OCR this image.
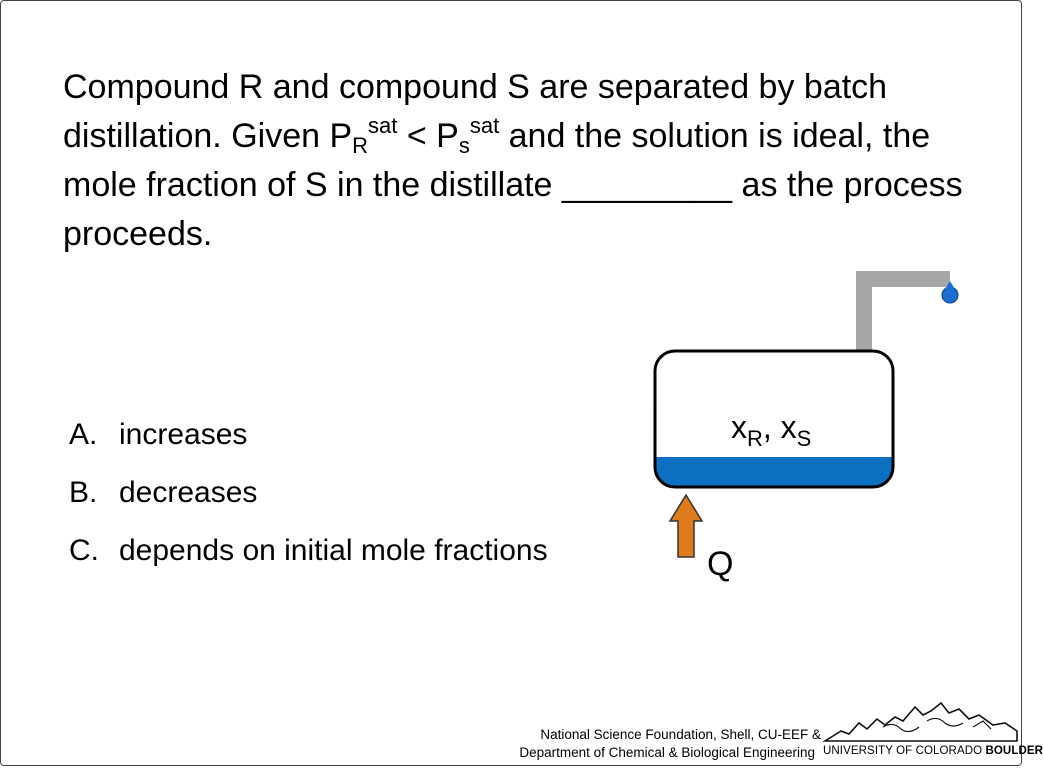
Compound R and compound S are separated by batch distillation. Given $P_R^{sat} < P_s^{sat}$ and the solution is ideal, the mole fraction of S in the distillate _________ as the process proceeds.

A. increases
B. decreases
C. depends on initial mole fractions
$x_R$, $x_S$
Q
National Science Foundation, Shell, CU-EEF &
Department of Chemical & Biological Engineering UNIVERSITY OF COLORADO BOULDER
